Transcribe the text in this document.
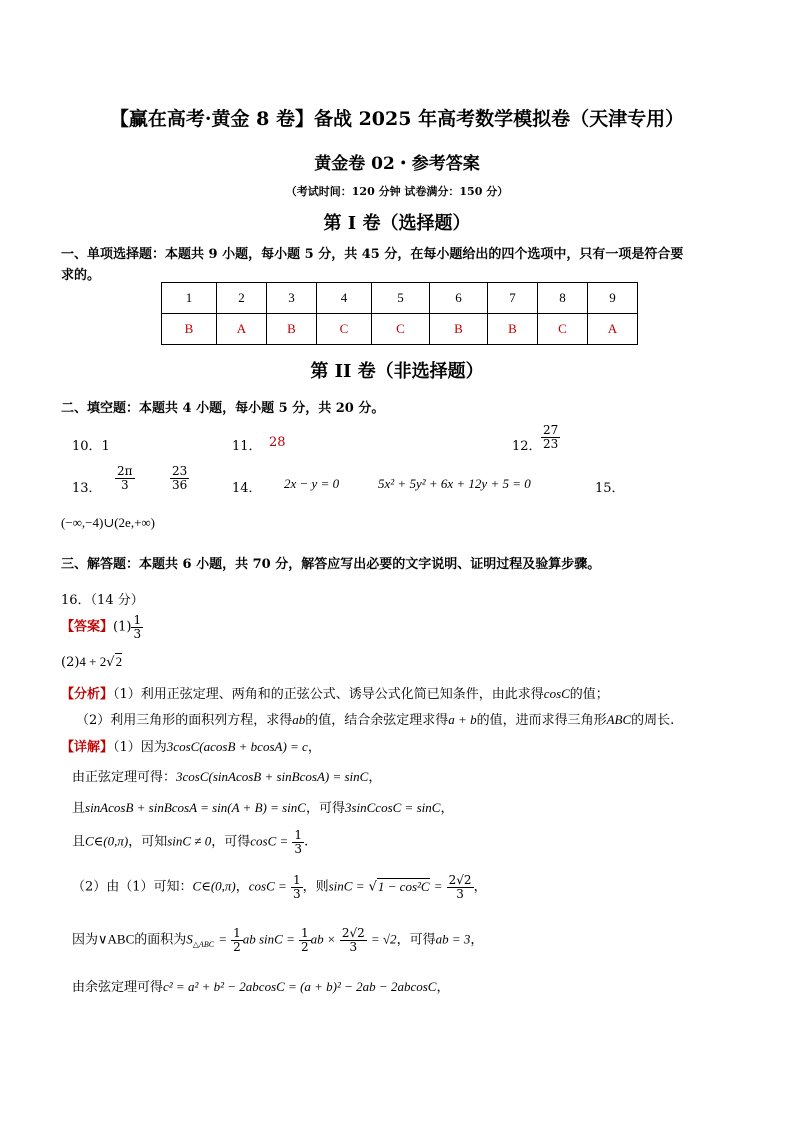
【赢在高考·黄金 8 卷】备战 2025 年高考数学模拟卷（天津专用）
黄金卷 02・参考答案
（考试时间：120 分钟 试卷满分：150 分）
第 I 卷（选择题）
一、单项选择题：本题共 9 小题，每小题 5 分，共 45 分，在每小题给出的四个选项中，只有一项是符合要
求的。
1	2	3	4	5	6	7	8	9
B	A	B	C	C	B	B	C	A
第 II 卷（非选择题）
二、填空题：本题共 4 小题，每小题 5 分，共 20 分。
10．1	11． 28	12． $\frac{27}{23}$
13． $\frac{2\pi}{3}$	$\frac{23}{36}$	14． 2x − y = 0	5x² + 5y² + 6x + 12y + 5 = 0	15．
(−∞,−4)∪(2e,+∞)
三、解答题：本题共 6 小题，共 70 分，解答应写出必要的文字说明、证明过程及验算步骤。
16．（14 分）
【答案】$(1) \frac{1}{3}$
(2)4 + 2√2
【分析】（1）利用正弦定理、两角和的正弦公式、诱导公式化简已知条件，由此求得cosC的值；
（2）利用三角形的面积列方程，求得ab的值，结合余弦定理求得a + b的值，进而求得三角形ABC的周长.
【详解】（1）因为3cosC(acosB + bcosA) = c，
由正弦定理可得：3cosC(sinAcosB + sinBcosA) = sinC，
且sinAcosB + sinBcosA = sin(A + B) = sinC，可得3sinCcosC = sinC，
且C∈(0,π)，可知sinC ≠ 0，可得$\cos C = \frac{1}{3}$ .
（2）由（1）可知：C∈(0,π)，$\cos C = \frac{1}{3}$ ，则$\sin C = √1 - \cos^2C = \frac{2√2}{3}$ ，
因为∨ABC的面积为$S_{\triangle ABC} = \frac{1}{2}$ ab $\sin C = \frac{1}{2}$ ab × $\frac{2√2}{3} = √2$，可得ab = 3，
由余弦定理可得c² = a² + b² − 2abcosC = (a + b)² − 2ab − 2abcosC，
